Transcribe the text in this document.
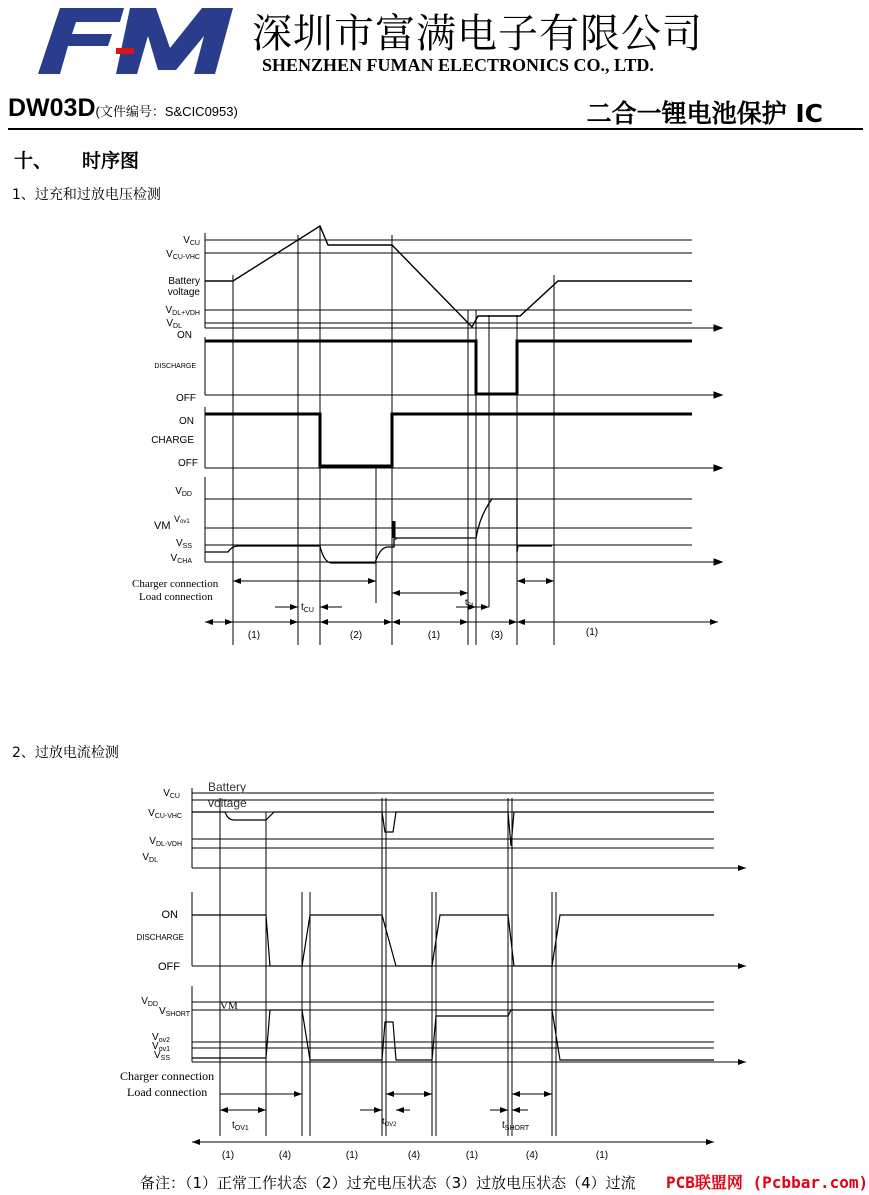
深圳市富满电子有限公司
SHENZHEN FUMAN ELECTRONICS CO., LTD.
DW03D(文件编号：S&CIC0953)	二合一锂电池保护 IC
十、 时序图
1、过充和过放电压检测
$V_{CU}$
$V_{CU-VHC}$
Battery
voltage
$V_{DL+VDH}$
$V_{DL}$
ON
DISCHARGE
OFF
ON
CHARGE
OFF
$V_{DD}$
VM
Vov1
$V_{SS}$
$V_{CHA}$
Charger connection
Load connection
$t_{CU}$
$t_{DL}$
(1)	(2)	(1)	(3)	(1)
2、过放电流检测
$V_{CU}$
Battery
voltage
$V_{CU-VHC}$
$V_{DL-VDH}$
$V_{DL}$
ON
DISCHARGE
OFF
$V_{DD}$
$V_{SHORT}$
VM
$V_{ov2}$
$V_{ov1}$
$V_{SS}$
Charger connection
Load connection
$t_{OV1}$
$t_{OV2}$	$t_{SHORT}$
(1)	(4)	(1)	(4)	(1)	(4)	(1)
备注：（1）正常工作状态（2）过充电压状态（3）过放电压状态（4）过流 PCB联盟网 (Pcbbar.com)
